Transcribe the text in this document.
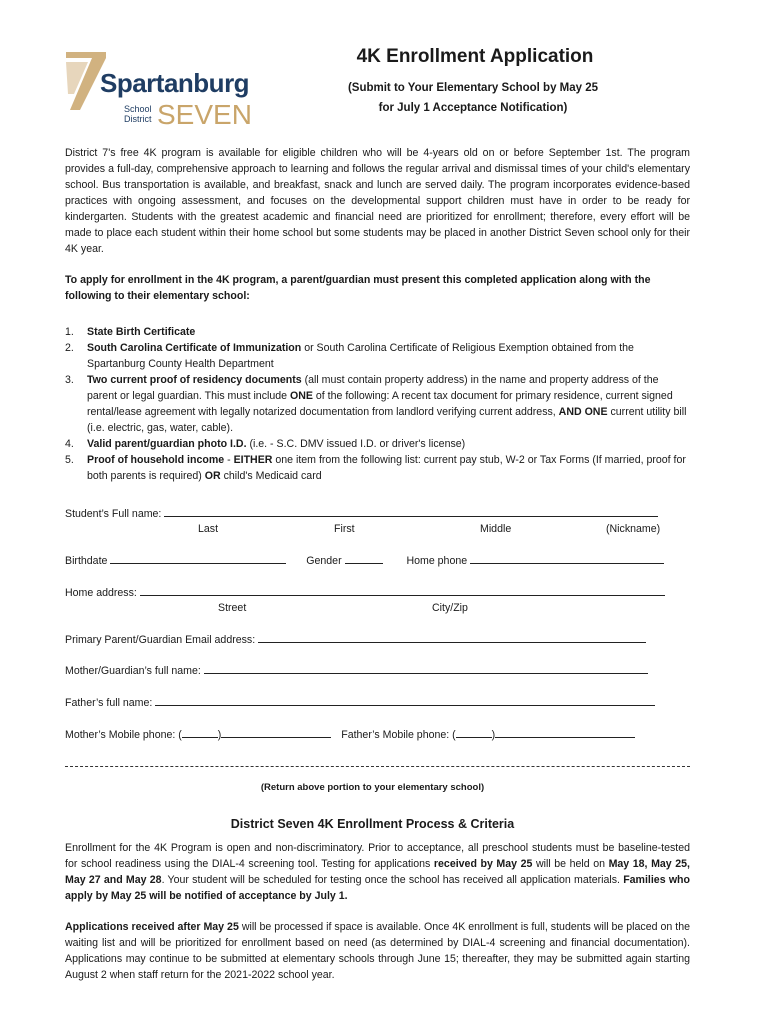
Spartanburg
School
District SEVEN
4K Enrollment Application
(Submit to Your Elementary School by May 25
for July 1 Acceptance Notification)
District 7's free 4K program is available for eligible children who will be 4-years old on or before September 1st. The program provides a full-day, comprehensive approach to learning and follows the regular arrival and dismissal times of your child's elementary school. Bus transportation is available, and breakfast, snack and lunch are served daily. The program incorporates evidence-based practices with ongoing assessment, and focuses on the developmental support children must have in order to be ready for kindergarten. Students with the greatest academic and financial need are prioritized for enrollment; therefore, every effort will be made to place each student within their home school but some students may be placed in another District Seven school only for their 4K year.
To apply for enrollment in the 4K program, a parent/guardian must present this completed application along with the following to their elementary school:
1. State Birth Certificate
2. South Carolina Certificate of Immunization or South Carolina Certificate of Religious Exemption obtained from the Spartanburg County Health Department
3. Two current proof of residency documents (all must contain property address) in the name and property address of the parent or legal guardian. This must include ONE of the following: A recent tax document for primary residence, current signed rental/lease agreement with legally notarized documentation from landlord verifying current address, AND ONE current utility bill (i.e. electric, gas, water, cable).
4. Valid parent/guardian photo I.D. (i.e. - S.C. DMV issued I.D. or driver's license)
5. Proof of household income - EITHER one item from the following list: current pay stub, W-2 or Tax Forms (If married, proof for both parents is required) OR child's Medicaid card
Student’s Full name:
Last	First	Middle	(Nickname)
Birthdate	Gender	Home phone
Home address:
Street	City/Zip
Primary Parent/Guardian Email address:
Mother/Guardian’s full name:
Father’s full name:
Mother’s Mobile phone: (	)	Father’s Mobile phone: (	)
(Return above portion to your elementary school)
District Seven 4K Enrollment Process & Criteria
Enrollment for the 4K Program is open and non-discriminatory. Prior to acceptance, all preschool students must be baseline-tested for school readiness using the DIAL-4 screening tool. Testing for applications received by May 25 will be held on May 18, May 25, May 27 and May 28. Your student will be scheduled for testing once the school has received all application materials. Families who apply by May 25 will be notified of acceptance by July 1.
Applications received after May 25 will be processed if space is available. Once 4K enrollment is full, students will be placed on the waiting list and will be prioritized for enrollment based on need (as determined by DIAL-4 screening and financial documentation). Applications may continue to be submitted at elementary schools through June 15; thereafter, they may be submitted again starting August 2 when staff return for the 2021-2022 school year.
